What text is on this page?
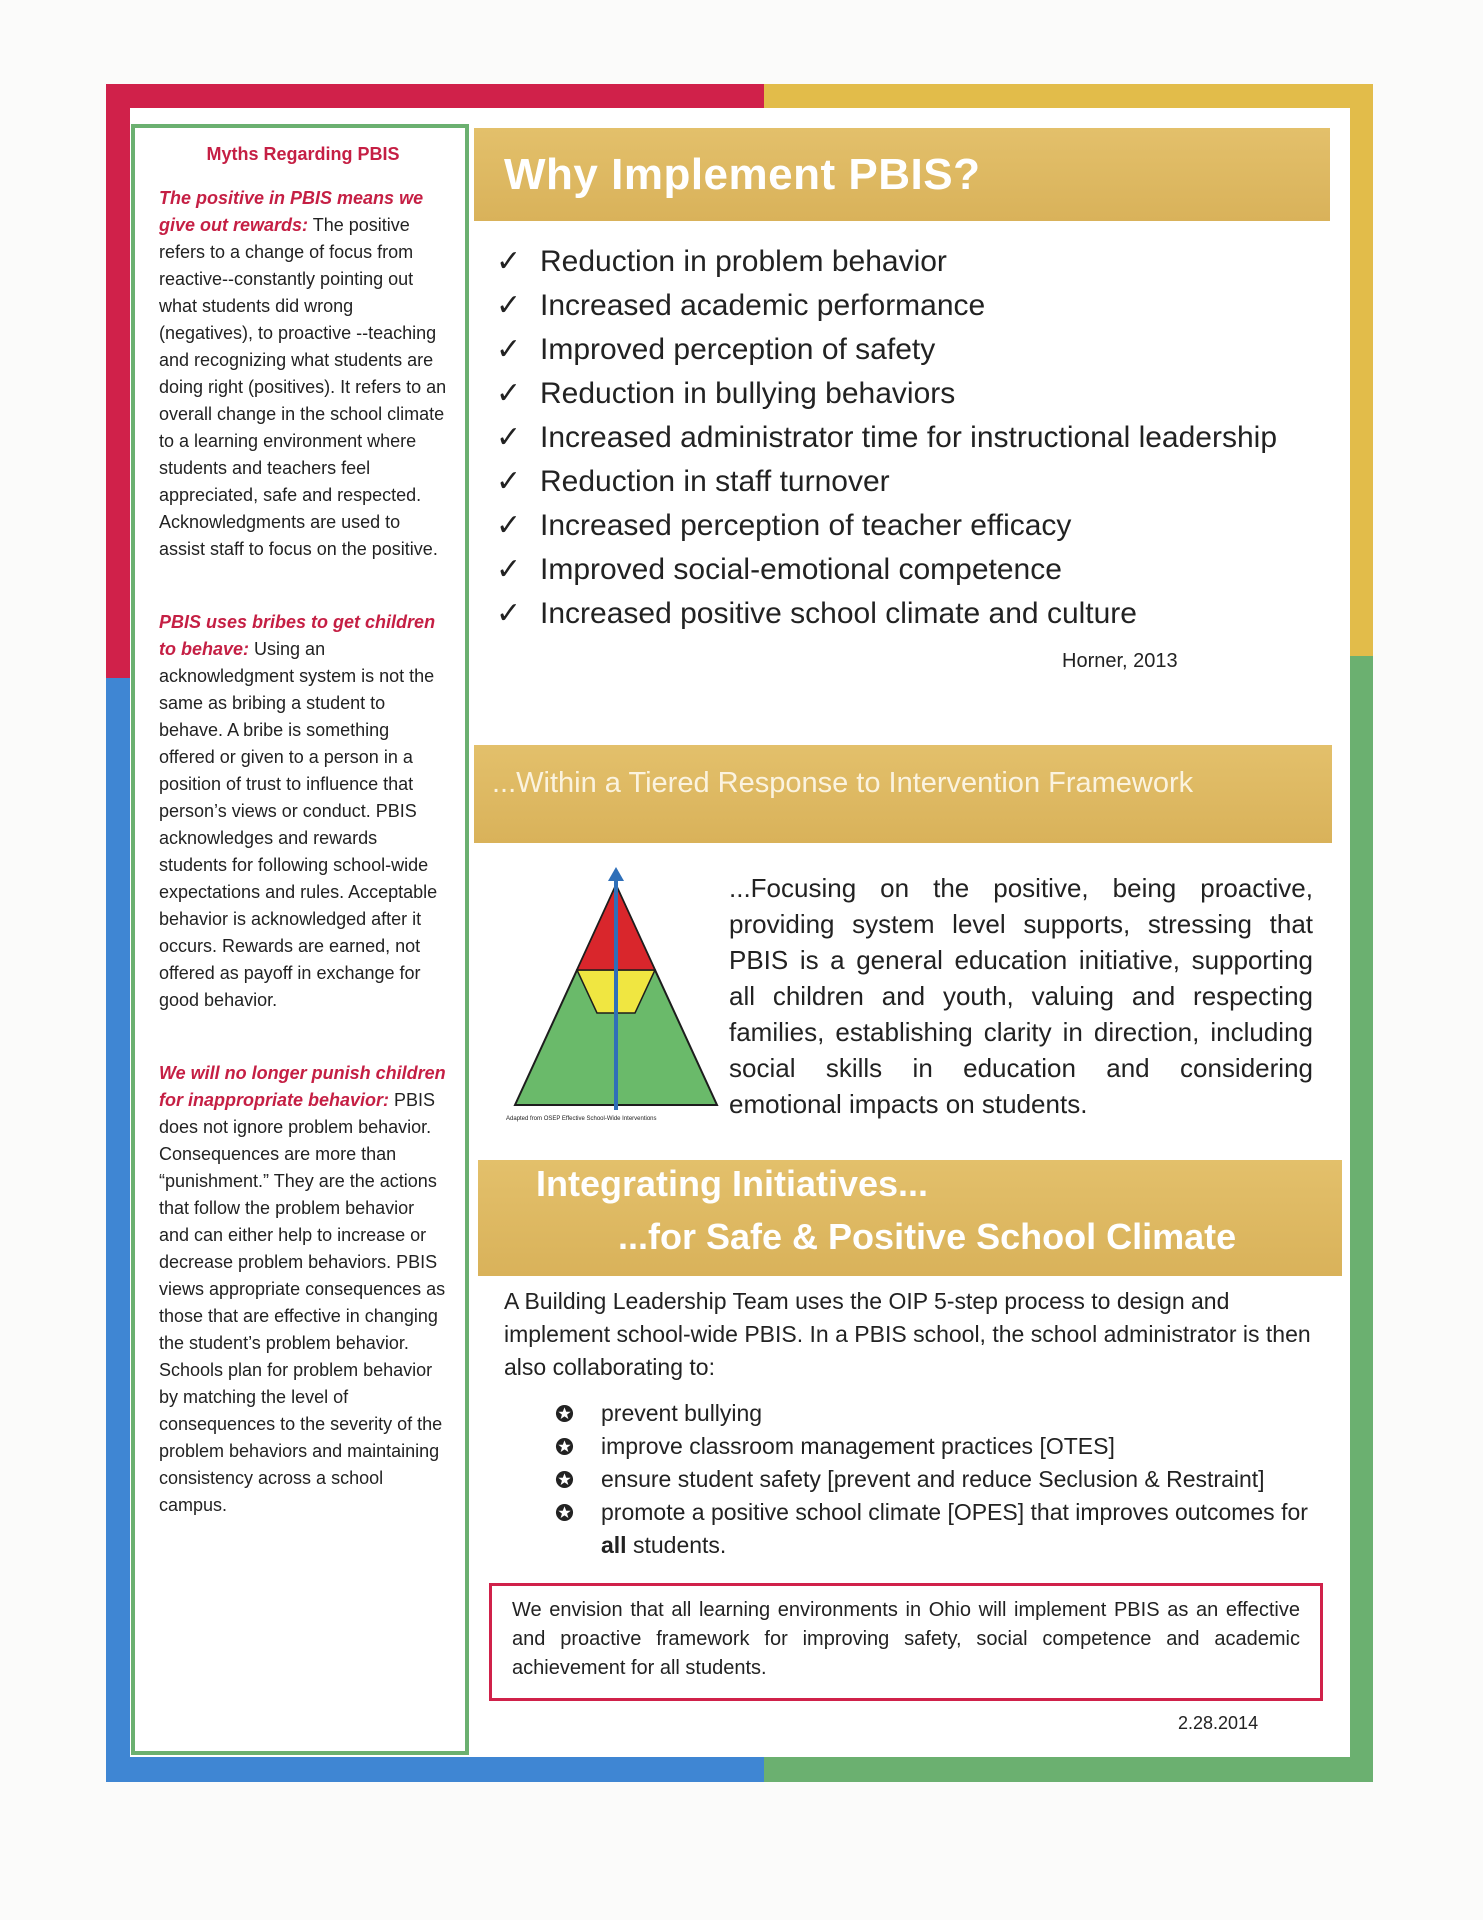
Myths Regarding PBIS

The positive in PBIS means we give out rewards: The positive refers to a change of focus from reactive--constantly pointing out what students did wrong (negatives), to proactive --teaching and recognizing what students are doing right (positives). It refers to an overall change in the school climate to a learning environment where students and teachers feel appreciated, safe and respected. Acknowledgments are used to assist staff to focus on the positive.

PBIS uses bribes to get children to behave: Using an acknowledgment system is not the same as bribing a student to behave. A bribe is something offered or given to a person in a position of trust to influence that person’s views or conduct. PBIS acknowledges and rewards students for following school-wide expectations and rules. Acceptable behavior is acknowledged after it occurs. Rewards are earned, not offered as payoff in exchange for good behavior.

We will no longer punish children for inappropriate behavior: PBIS does not ignore problem behavior. Consequences are more than “punishment.” They are the actions that follow the problem behavior and can either help to increase or decrease problem behaviors. PBIS views appropriate consequences as those that are effective in changing the student’s problem behavior. Schools plan for problem behavior by matching the level of consequences to the severity of the problem behaviors and maintaining consistency across a school campus.

Why Implement PBIS?
✓ Reduction in problem behavior
✓ Increased academic performance
✓ Improved perception of safety
✓ Reduction in bullying behaviors
✓ Increased administrator time for instructional leadership
✓ Reduction in staff turnover
✓ Increased perception of teacher efficacy
✓ Improved social-emotional competence
✓ Increased positive school climate and culture
Horner, 2013
...Within a Tiered Response to Intervention Framework
Adapted from OSEP Effective School-Wide Interventions
...Focusing on the positive, being proactive, providing system level supports, stressing that PBIS is a general education initiative, supporting all children and youth, valuing and respecting families, establishing clarity in direction, including social skills in education and considering emotional impacts on students.
Integrating Initiatives...
...for Safe & Positive School Climate
A Building Leadership Team uses the OIP 5-step process to design and implement school-wide PBIS. In a PBIS school, the school administrator is then also collaborating to:
prevent bullying
improve classroom management practices [OTES]
ensure student safety [prevent and reduce Seclusion & Restraint]
promote a positive school climate [OPES] that improves outcomes for all students.
We envision that all learning environments in Ohio will implement PBIS as an effective and proactive framework for improving safety, social competence and academic achievement for all students.
2.28.2014
